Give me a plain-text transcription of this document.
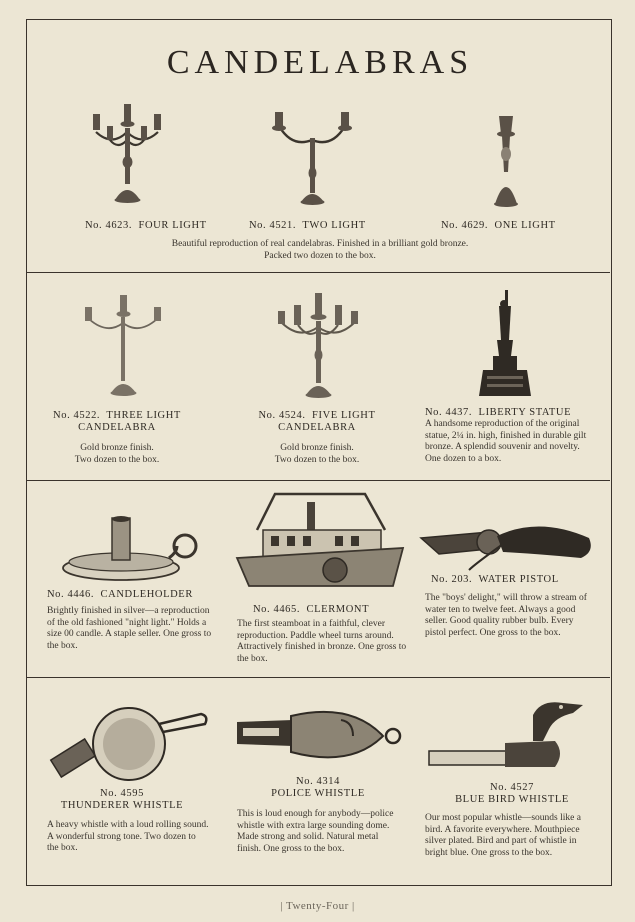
CANDELABRAS
No. 4623.  FOUR LIGHT	No. 4521.  TWO LIGHT	No. 4629.  ONE LIGHT
Beautiful reproduction of real candelabras. Finished in a brilliant gold bronze.
Packed two dozen to the box.
No. 4522.  THREE LIGHT
CANDELABRA
Gold bronze finish.
Two dozen to the box.
No. 4524.  FIVE LIGHT
CANDELABRA
Gold bronze finish.
Two dozen to the box.
No. 4437.  LIBERTY STATUE
A handsome reproduction of the original statue, 2¼ in. high, finished in durable gilt bronze. A splendid souvenir and novelty. One dozen to a box.
No. 4446.  CANDLEHOLDER
Brightly finished in silver—a reproduction of the old fashioned "night light." Holds a size 00 candle. A staple seller. One gross to the box.
No. 4465.  CLERMONT
The first steamboat in a faithful, clever reproduction. Paddle wheel turns around. Attractively finished in bronze. One gross to the box.
No. 203.  WATER PISTOL
The "boys' delight," will throw a stream of water ten to twelve feet. Always a good seller. Good quality rubber bulb. Every pistol perfect. One gross to the box.
No. 4595
THUNDERER WHISTLE
A heavy whistle with a loud rolling sound. A wonderful strong tone. Two dozen to the box.
No. 4314
POLICE WHISTLE
This is loud enough for anybody—police whistle with extra large sounding dome. Made strong and solid. Natural metal finish. One gross to the box.
No. 4527
BLUE BIRD WHISTLE
Our most popular whistle—sounds like a bird. A favorite everywhere. Mouthpiece silver plated. Bird and part of whistle in bright blue. One gross to the box.
| Twenty-Four |
